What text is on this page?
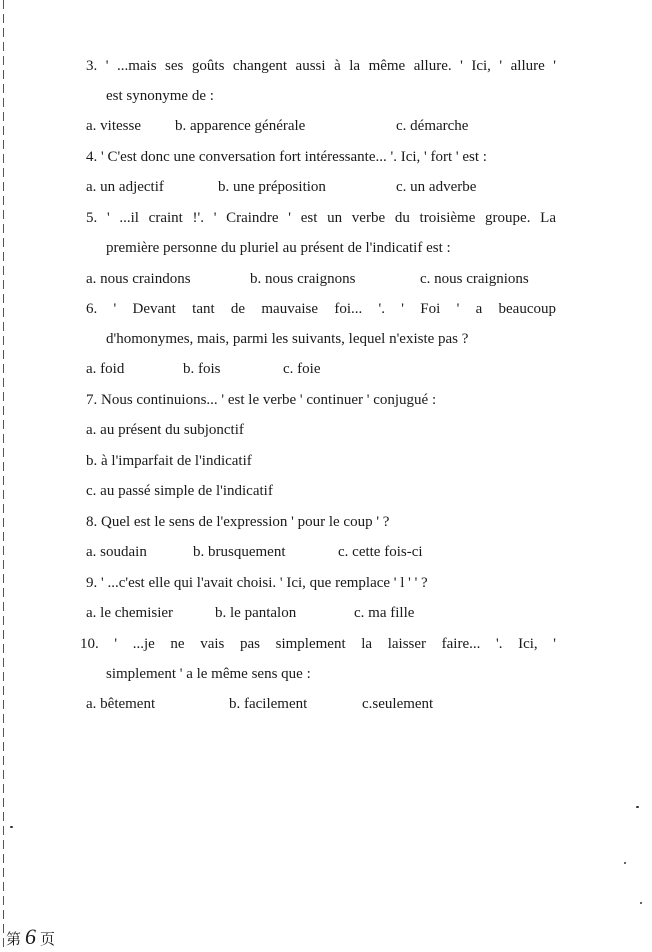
3. ' ...mais ses goûts changent aussi à la même allure. ' Ici, ' allure '
est synonyme de :
a. vitesse b. apparence générale	c. démarche
4. ' C'est donc une conversation fort intéressante... '. Ici, ' fort ' est :
a. un adjectif	b. une préposition	c. un adverbe
5. ' ...il craint !'. ' Craindre ' est un verbe du troisième groupe. La
première personne du pluriel au présent de l'indicatif est :
a. nous craindons	b. nous craignons	c. nous craignions
6. ' Devant tant de mauvaise foi... '. ' Foi ' a beaucoup
d'homonymes, mais, parmi les suivants, lequel n'existe pas ?
a. foid	b. fois	c. foie
7. Nous continuions... ' est le verbe ' continuer ' conjugué :
a. au présent du subjonctif
b. à l'imparfait de l'indicatif
c. au passé simple de l'indicatif
8. Quel est le sens de l'expression ' pour le coup ' ?
a. soudain	b. brusquement	c. cette fois-ci
9. ' ...c'est elle qui l'avait choisi. ' Ici, que remplace ' l ' ' ?
a. le chemisier	b. le pantalon	c. ma fille
10. ' ...je ne vais pas simplement la laisser faire... '. Ici, '
simplement ' a le même sens que :
a. bêtement	b. facilement	c.seulement
第 6 页
